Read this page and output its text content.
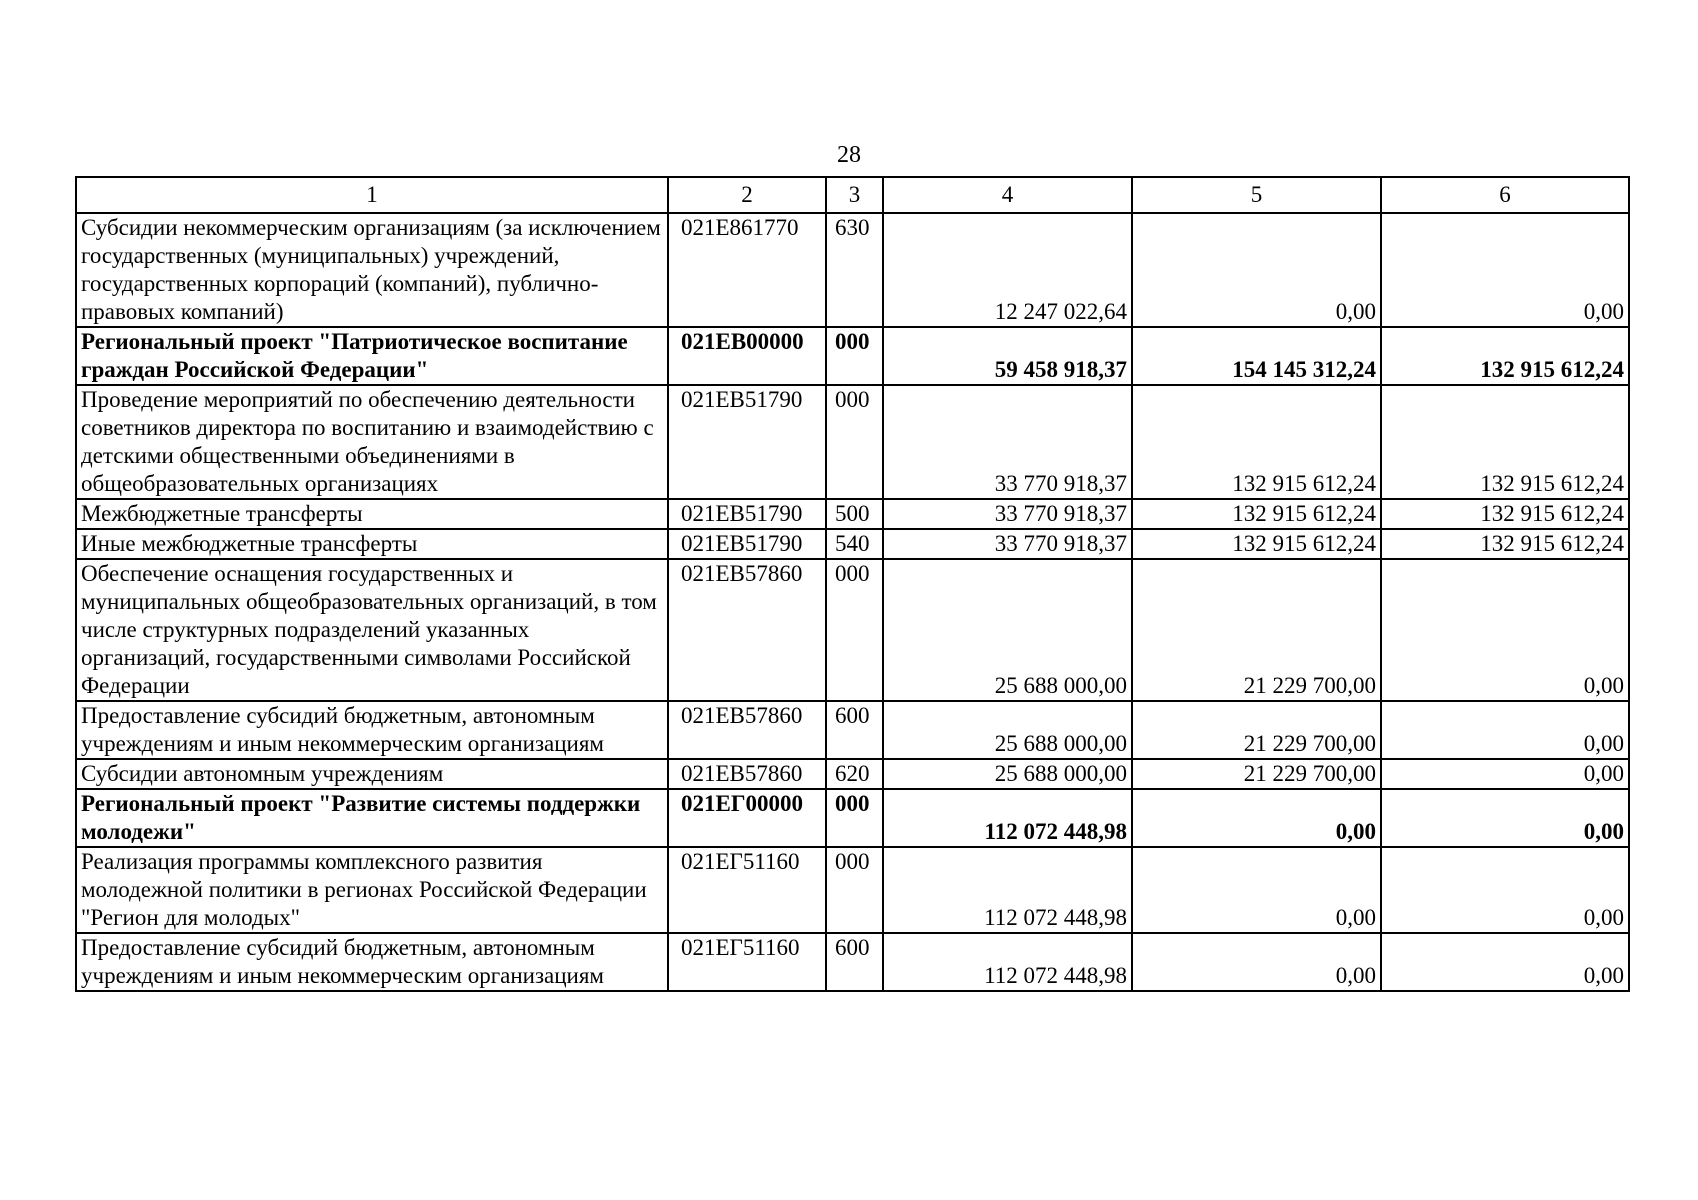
28
1	2	3	4	5	6
Субсидии некоммерческим организациям (за исключением государственных (муниципальных) учреждений, государственных корпораций (компаний), публично-правовых компаний)	021E861770	630	12 247 022,64	0,00	0,00
Региональный проект "Патриотическое воспитание граждан Российской Федерации"	021EB00000	000	59 458 918,37	154 145 312,24	132 915 612,24
Проведение мероприятий по обеспечению деятельности советников директора по воспитанию и взаимодействию с детскими общественными объединениями в общеобразовательных организациях	021EB51790	000	33 770 918,37	132 915 612,24	132 915 612,24
Межбюджетные трансферты	021EB51790	500	33 770 918,37	132 915 612,24	132 915 612,24
Иные межбюджетные трансферты	021EB51790	540	33 770 918,37	132 915 612,24	132 915 612,24
Обеспечение оснащения государственных и муниципальных общеобразовательных организаций, в том числе структурных подразделений указанных организаций, государственными символами Российской Федерации	021EB57860	000	25 688 000,00	21 229 700,00	0,00
Предоставление субсидий бюджетным, автономным учреждениям и иным некоммерческим организациям	021EB57860	600	25 688 000,00	21 229 700,00	0,00
Субсидии автономным учреждениям	021EB57860	620	25 688 000,00	21 229 700,00	0,00
Региональный проект "Развитие системы поддержки молодежи"	021EГ00000	000	112 072 448,98	0,00	0,00
Реализация программы комплексного развития молодежной политики в регионах Российской Федерации "Регион для молодых"	021EГ51160	000	112 072 448,98	0,00	0,00
Предоставление субсидий бюджетным, автономным учреждениям и иным некоммерческим организациям	021EГ51160	600	112 072 448,98	0,00	0,00
